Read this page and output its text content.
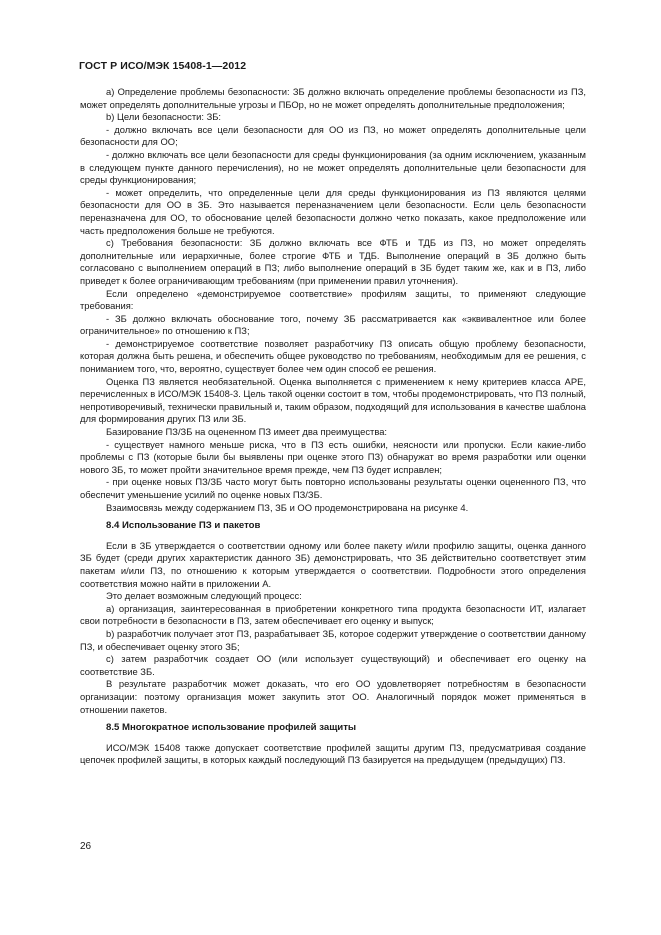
ГОСТ Р ИСО/МЭК 15408-1—2012

a) Определение проблемы безопасности: ЗБ должно включать определение проблемы безопасности из ПЗ, может определять дополнительные угрозы и ПБОр, но не может определять дополнительные предположения;

b) Цели безопасности: ЗБ:

- должно включать все цели безопасности для ОО из ПЗ, но может определять дополнительные цели безопасности для ОО;

- должно включать все цели безопасности для среды функционирования (за одним исключением, указанным в следующем пункте данного перечисления), но не может определять дополнительные цели безопасности для среды функционирования;

- может определить, что определенные цели для среды функционирования из ПЗ являются целями безопасности для ОО в ЗБ. Это называется переназначением цели безопасности. Если цель безопасности переназначена для ОО, то обоснование целей безопасности должно четко показать, какое предположение или часть предположения больше не требуются.

c) Требования безопасности: ЗБ должно включать все ФТБ и ТДБ из ПЗ, но может определять дополнительные или иерархичные, более строгие ФТБ и ТДБ. Выполнение операций в ЗБ должно быть согласовано с выполнением операций в ПЗ; либо выполнение операций в ЗБ будет таким же, как и в ПЗ, либо приведет к более ограничивающим требованиям (при применении правил уточнения).

Если определено «демонстрируемое соответствие» профилям защиты, то применяют следующие требования:

- ЗБ должно включать обоснование того, почему ЗБ рассматривается как «эквивалентное или более ограничительное» по отношению к ПЗ;

- демонстрируемое соответствие позволяет разработчику ПЗ описать общую проблему безопасности, которая должна быть решена, и обеспечить общее руководство по требованиям, необходимым для ее решения, с пониманием того, что, вероятно, существует более чем один способ ее решения.

Оценка ПЗ является необязательной. Оценка выполняется с применением к нему критериев класса APE, перечисленных в ИСО/МЭК 15408-3. Цель такой оценки состоит в том, чтобы продемонстрировать, что ПЗ полный, непротиворечивый, технически правильный и, таким образом, подходящий для использования в качестве шаблона для формирования других ПЗ или ЗБ.

Базирование ПЗ/ЗБ на оцененном ПЗ имеет два преимущества:

- существует намного меньше риска, что в ПЗ есть ошибки, неясности или пропуски. Если какие-либо проблемы с ПЗ (которые были бы выявлены при оценке этого ПЗ) обнаружат во время разработки или оценки нового ЗБ, то может пройти значительное время прежде, чем ПЗ будет исправлен;

- при оценке новых ПЗ/ЗБ часто могут быть повторно использованы результаты оценки оцененного ПЗ, что обеспечит уменьшение усилий по оценке новых ПЗ/ЗБ.

Взаимосвязь между содержанием ПЗ, ЗБ и ОО продемонстрирована на рисунке 4.

8.4 Использование ПЗ и пакетов

Если в ЗБ утверждается о соответствии одному или более пакету и/или профилю защиты, оценка данного ЗБ будет (среди других характеристик данного ЗБ) демонстрировать, что ЗБ действительно соответствует этим пакетам и/или ПЗ, по отношению к которым утверждается о соответствии. Подробности этого определения соответствия можно найти в приложении А.

Это делает возможным следующий процесс:

a) организация, заинтересованная в приобретении конкретного типа продукта безопасности ИТ, излагает свои потребности в безопасности в ПЗ, затем обеспечивает его оценку и выпуск;

b) разработчик получает этот ПЗ, разрабатывает ЗБ, которое содержит утверждение о соответствии данному ПЗ, и обеспечивает оценку этого ЗБ;

c) затем разработчик создает ОО (или использует существующий) и обеспечивает его оценку на соответствие ЗБ.

В результате разработчик может доказать, что его ОО удовлетворяет потребностям в безопасности организации: поэтому организация может закупить этот ОО. Аналогичный порядок может применяться в отношении пакетов.

8.5 Многократное использование профилей защиты

ИСО/МЭК 15408 также допускает соответствие профилей защиты другим ПЗ, предусматривая создание цепочек профилей защиты, в которых каждый последующий ПЗ базируется на предыдущем (предыдущих) ПЗ.

26
